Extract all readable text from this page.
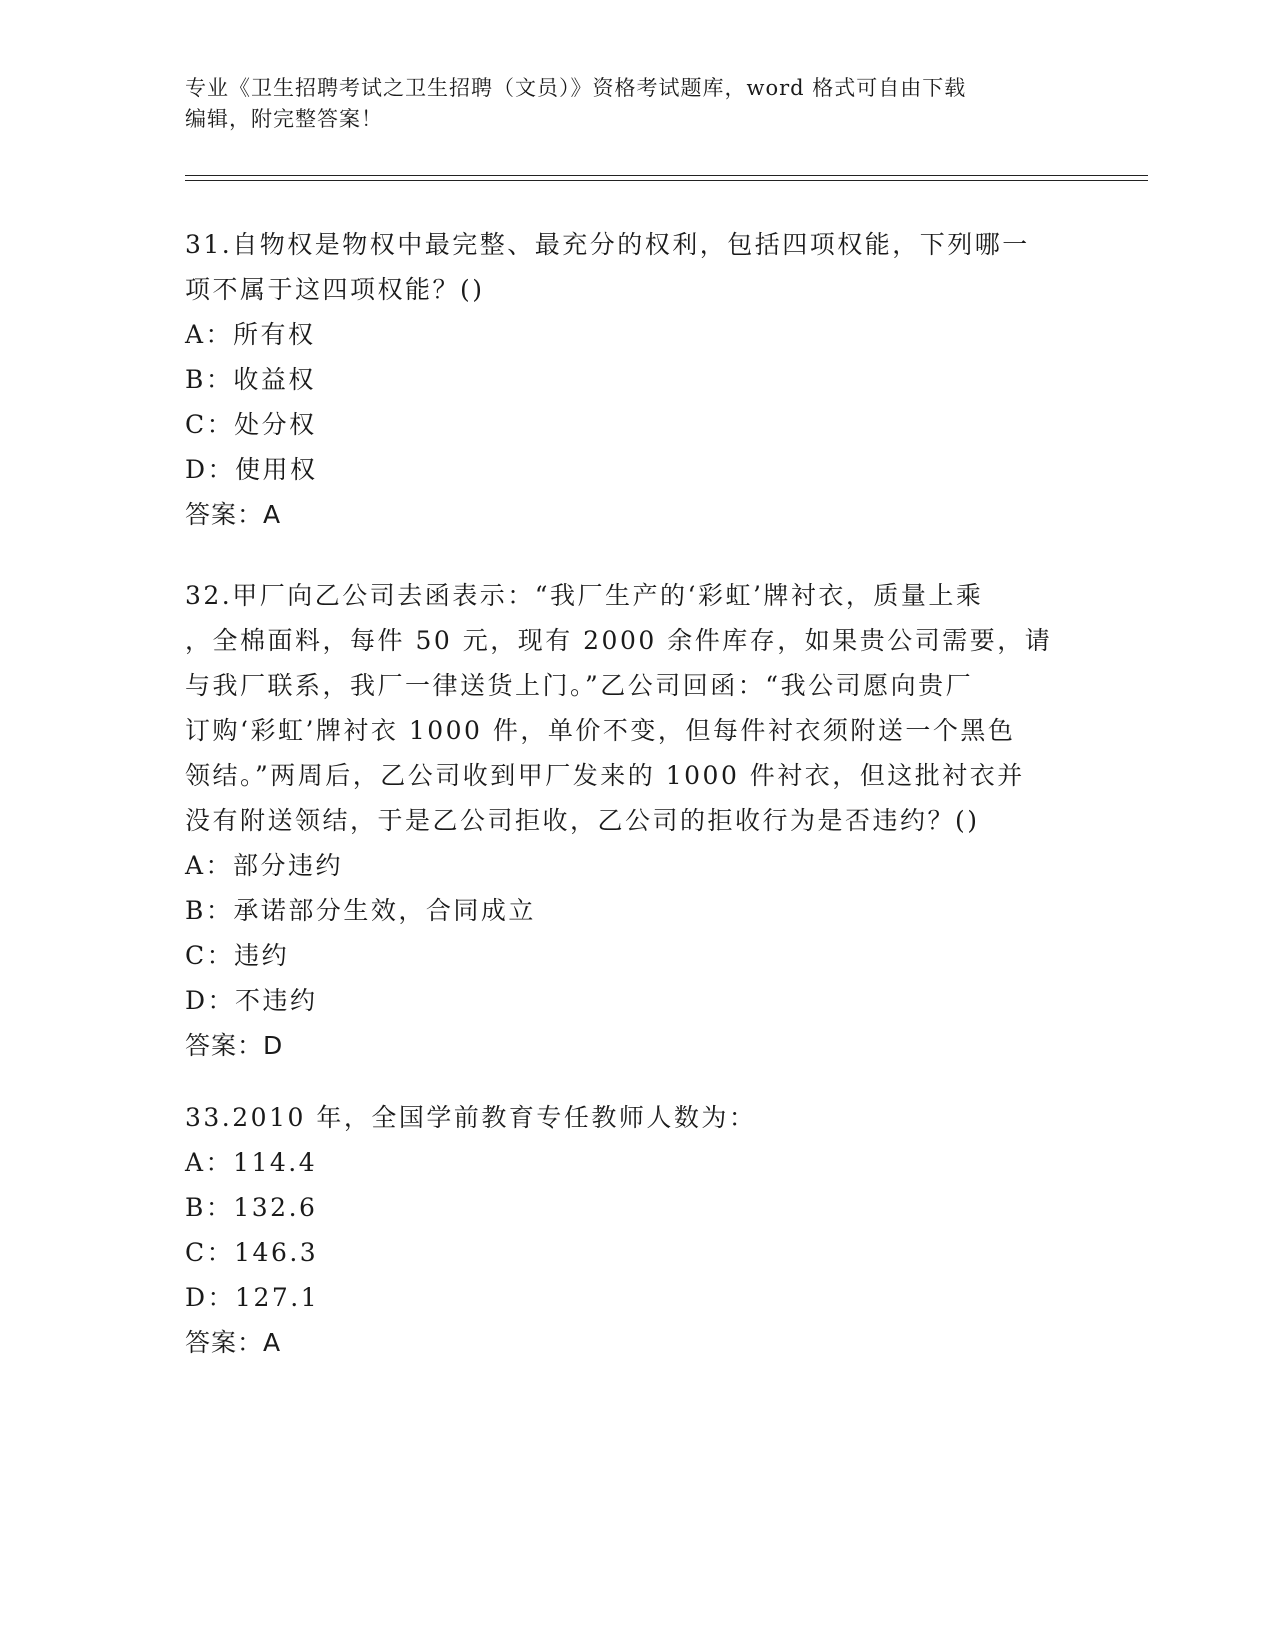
专业《卫生招聘考试之卫生招聘（文员）》资格考试题库，word 格式可自由下载
编辑，附完整答案！

31.自物权是物权中最完整、最充分的权利，包括四项权能，下列哪一
项不属于这四项权能？()

A：所有权

B：收益权

C：处分权

D：使用权

答案：A

32.甲厂向乙公司去函表示：“我厂生产的‘彩虹’牌衬衣，质量上乘
，全棉面料，每件 50 元，现有 2000 余件库存，如果贵公司需要，请
与我厂联系，我厂一律送货上门。”乙公司回函：“我公司愿向贵厂
订购‘彩虹’牌衬衣 1000 件，单价不变，但每件衬衣须附送一个黑色
领结。”两周后，乙公司收到甲厂发来的 1000 件衬衣，但这批衬衣并
没有附送领结，于是乙公司拒收，乙公司的拒收行为是否违约？()

A：部分违约

B：承诺部分生效，合同成立

C：违约

D：不违约

答案：D

33.2010 年，全国学前教育专任教师人数为：

A：114.4

B：132.6

C：146.3

D：127.1

答案：A
